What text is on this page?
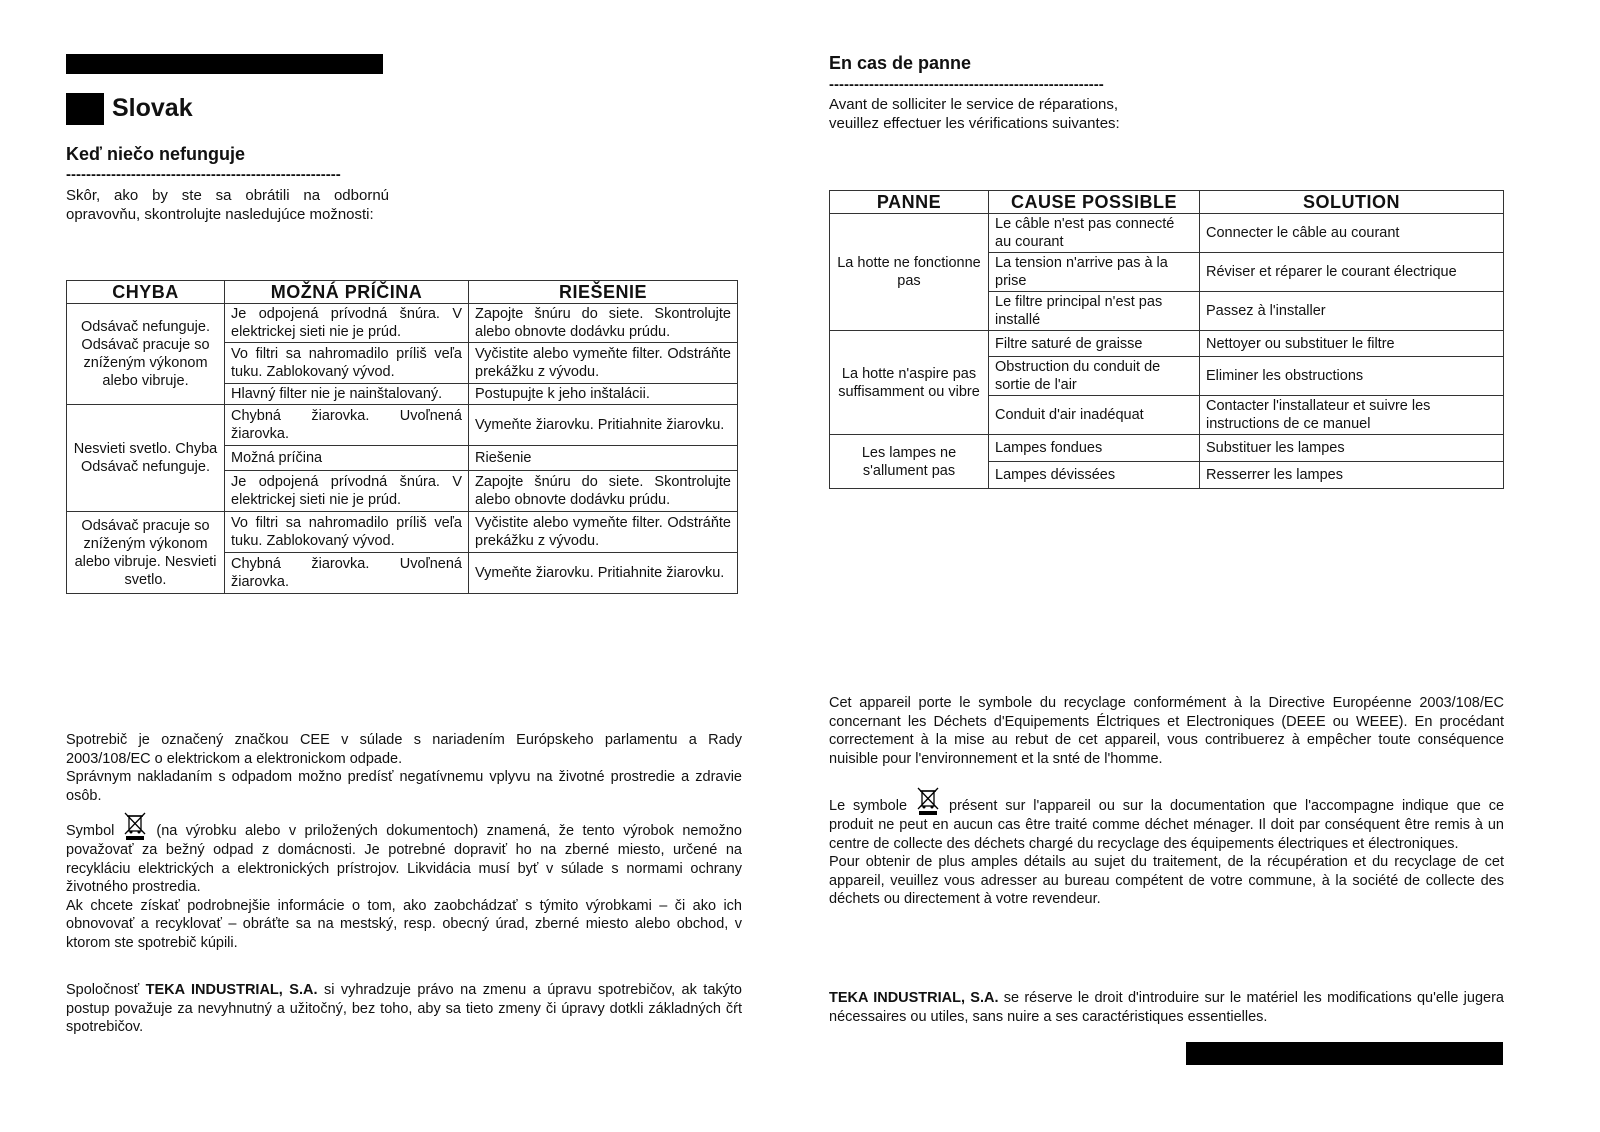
Slovak
Keď niečo nefunguje
-------------------------------------------------------
Skôr, ako by ste sa obrátili na odbornú opravovňu, skontrolujte nasledujúce možnosti:
CHYBA	MOŽNÁ PRÍČINA	RIEŠENIE
Odsávač nefunguje. Odsávač pracuje so zníženým výkonom alebo vibruje.	Je odpojená prívodná šnúra. V elektrickej sieti nie je prúd.	Zapojte šnúru do siete. Skontrolujte alebo obnovte dodávku prúdu.
	Vo filtri sa nahromadilo príliš veľa tuku. Zablokovaný vývod.	Vyčistite alebo vymeňte filter. Odstráňte prekážku z vývodu.
	Hlavný filter nie je nainštalovaný.	Postupujte k jeho inštalácii.
Nesvieti svetlo. Chyba Odsávač nefunguje.	Chybná žiarovka. Uvoľnená žiarovka.	Vymeňte žiarovku. Pritiahnite žiarovku.
	Možná príčina	Riešenie
	Je odpojená prívodná šnúra. V elektrickej sieti nie je prúd.	Zapojte šnúru do siete. Skontrolujte alebo obnovte dodávku prúdu.
Odsávač pracuje so zníženým výkonom alebo vibruje. Nesvieti svetlo.	Vo filtri sa nahromadilo príliš veľa tuku. Zablokovaný vývod.	Vyčistite alebo vymeňte filter. Odstráňte prekážku z vývodu.
	Chybná žiarovka. Uvoľnená žiarovka.	Vymeňte žiarovku. Pritiahnite žiarovku.

Spotrebič je označený značkou CEE v súlade s nariadením Európskeho parlamentu a Rady 2003/108/EC o elektrickom a elektronickom odpade.

Správnym nakladaním s odpadom možno predísť negatívnemu vplyvu na životné prostredie a zdravie osôb.

Symbol	(na výrobku alebo v priložených dokumentoch) znamená, že tento výrobok nemožno považovať za bežný odpad z domácnosti. Je potrebné dopraviť ho na zberné miesto, určené na recykláciu elektrických a elektronických prístrojov. Likvidácia musí byť v súlade s normami ochrany životného prostredia.

Ak chcete získať podrobnejšie informácie o tom, ako zaobchádzať s týmito výrobkami – či ako ich obnovovať a recyklovať – obráťte sa na mestský, resp. obecný úrad, zberné miesto alebo obchod, v ktorom ste spotrebič kúpili.

Spoločnosť TEKA INDUSTRIAL, S.A. si vyhradzuje právo na zmenu a úpravu spotrebičov, ak takýto postup považuje za nevyhnutný a užitočný, bez toho, aby sa tieto zmeny či úpravy dotkli základných čŕt spotrebičov.
En cas de panne
-------------------------------------------------------
Avant de solliciter le service de réparations, veuillez effectuer les vérifications suivantes:
PANNE	CAUSE POSSIBLE	SOLUTION
La hotte ne fonctionne pas	Le câble n'est pas connecté au courant	Connecter le câble au courant
	La tension n'arrive pas à la prise	Réviser et réparer le courant électrique
	Le filtre principal n'est pas installé	Passez à l'installer
La hotte n'aspire pas suffisamment ou vibre	Filtre saturé de graisse	Nettoyer ou substituer le filtre
	Obstruction du conduit de sortie de l'air	Eliminer les obstructions
	Conduit d'air inadéquat	Contacter l'installateur et suivre les instructions de ce manuel
Les lampes ne s'allument pas	Lampes fondues	Substituer les lampes
	Lampes dévissées	Resserrer les lampes

Cet appareil porte le symbole du recyclage conformément à la Directive Européenne 2003/108/EC concernant les Déchets d'Equipements Élctriques et Electroniques (DEEE ou WEEE). En procédant correctement à la mise au rebut de cet appareil, vous contribuerez à empêcher toute conséquence nuisible pour l'environnement et la snté de l'homme.

Le symbole	présent sur l'appareil ou sur la documentation que l'accompagne indique que ce produit ne peut en aucun cas être traité comme déchet ménager. Il doit par conséquent être remis à un centre de collecte des déchets chargé du recyclage des équipements électriques et électroniques.

Pour obtenir de plus amples détails au sujet du traitement, de la récupération et du recyclage de cet appareil, veuillez vous adresser au bureau compétent de votre commune, à la société de collecte des déchets ou directement à votre revendeur.

TEKA INDUSTRIAL, S.A. se réserve le droit d'introduire sur le matériel les modifications qu'elle jugera nécessaires ou utiles, sans nuire a ses caractéristiques essentielles.
